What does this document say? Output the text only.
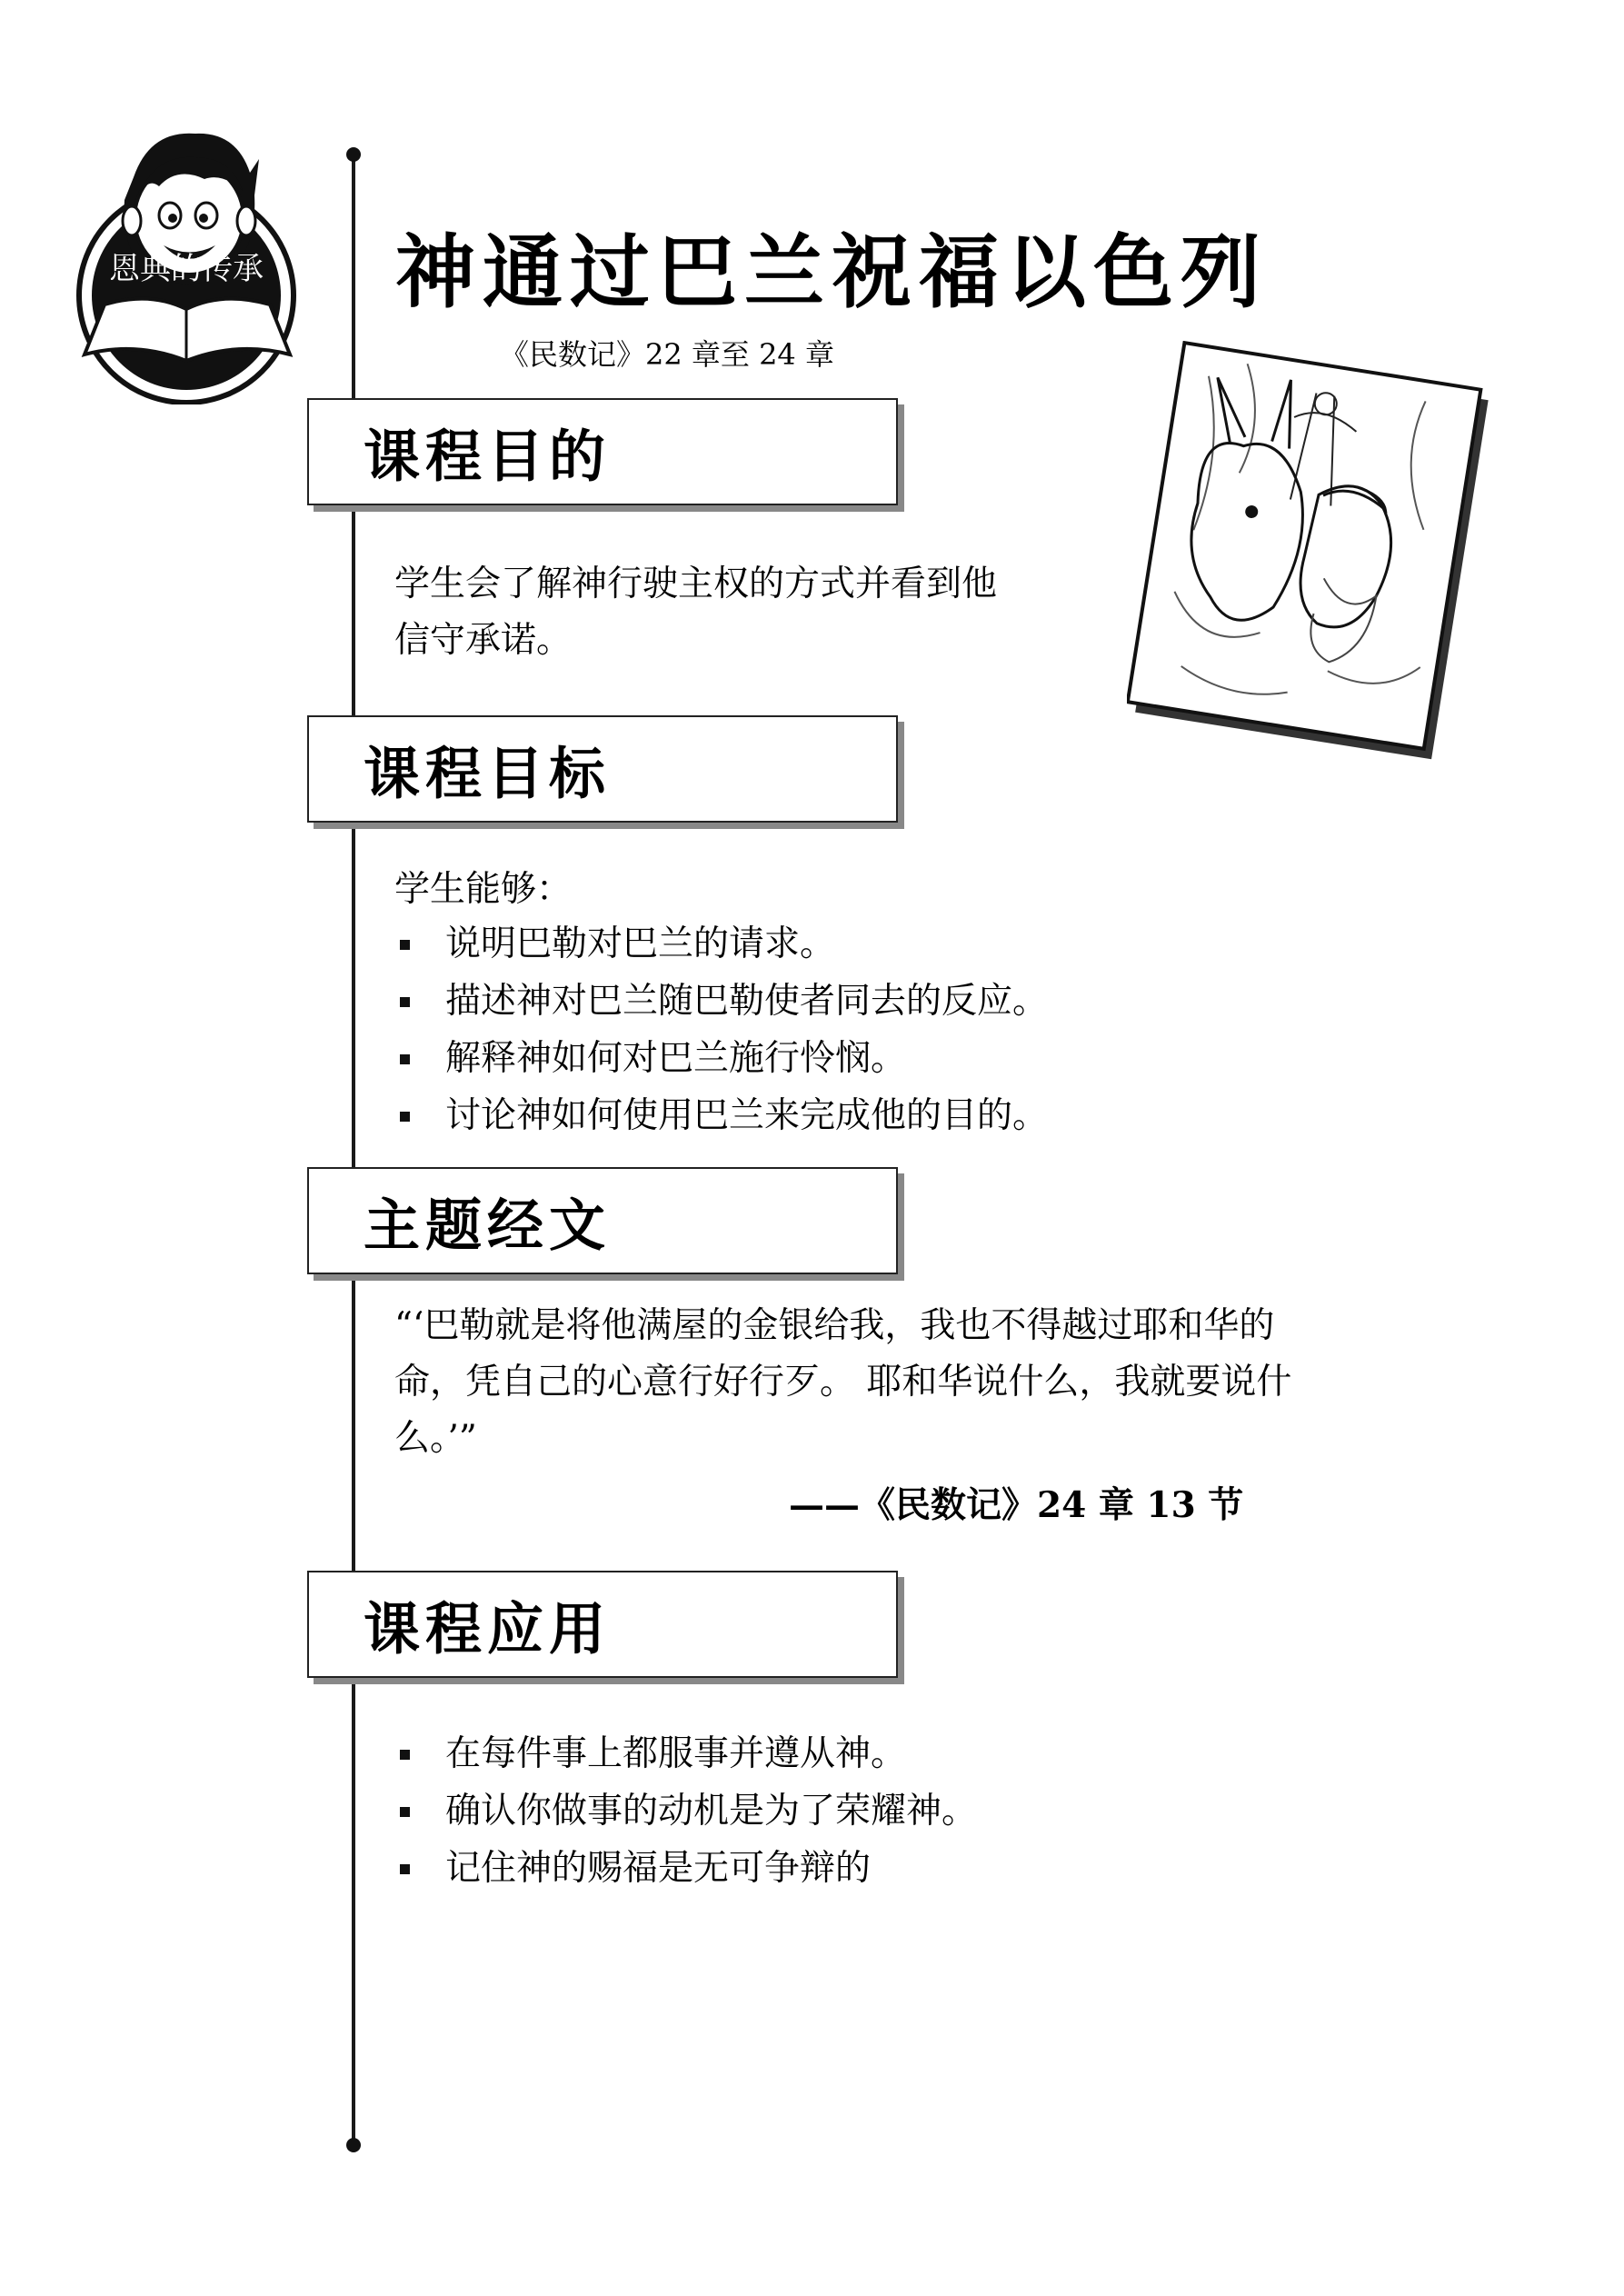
恩典的传承 神通过巴兰祝福以色列
《民数记》22 章至 24 章
课程目的
学生会了解神行驶主权的方式并看到他
信守承诺。
课程目标
学生能够：
说明巴勒对巴兰的请求。
描述神对巴兰随巴勒使者同去的反应。
解释神如何对巴兰施行怜悯。
讨论神如何使用巴兰来完成他的目的。
主题经文
“‘巴勒就是将他满屋的金银给我，我也不得越过耶和华的
命，凭自己的心意行好行歹。 耶和华说什么，我就要说什
么。’”
——《民数记》24 章 13 节
课程应用
在每件事上都服事并遵从神。
确认你做事的动机是为了荣耀神。
记住神的赐福是无可争辩的
